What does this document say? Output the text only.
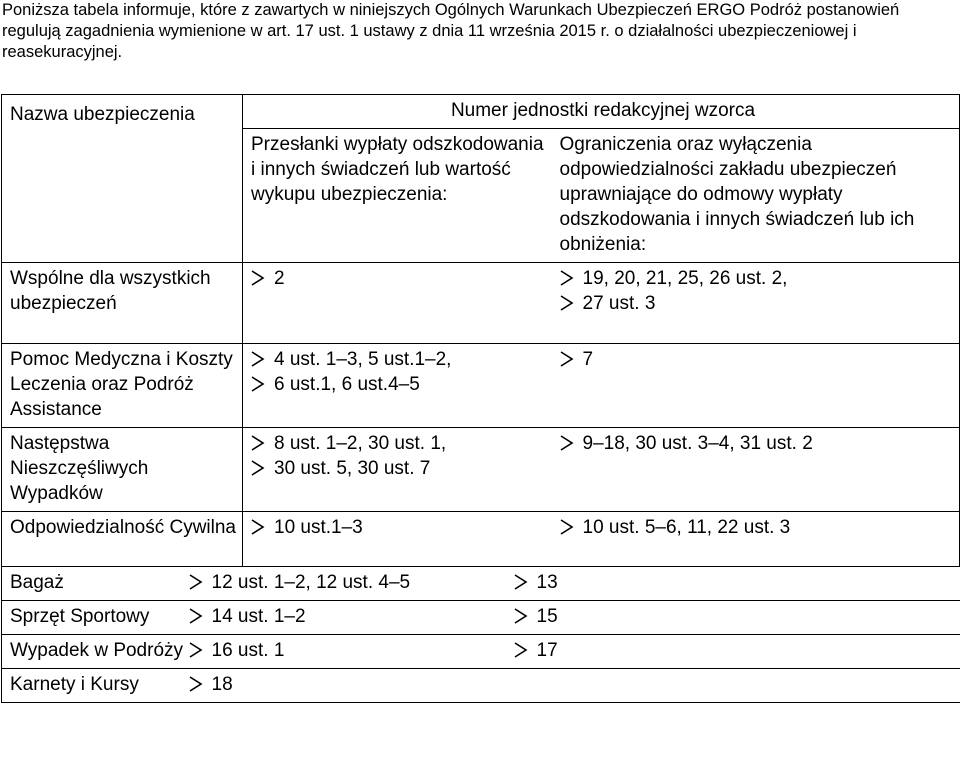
Poniższa tabela informuje, które z zawartych w niniejszych Ogólnych Warunkach Ubezpieczeń ERGO Podróż postanowień regulują zagadnienia wymienione w art. 17 ust. 1 ustawy z dnia 11 września 2015 r. o działalności ubezpieczeniowej i reasekuracyjnej.

Nazwa ubezpieczenia	Numer jednostki redakcyjnej wzorca	

	Przesłanki wypłaty odszkodowania i innych świadczeń lub wartość wykupu ubezpieczenia:	Ograniczenia oraz wyłączenia odpowiedzialności zakładu ubezpieczeń uprawniające do odmowy wypłaty odszkodowania i innych świadczeń lub ich obniżenia:

Wspólne dla wszystkich ubezpieczeń	2	19, 20, 21, 25, 26 ust. 2,
27 ust. 3

Pomoc Medyczna i Koszty Leczenia oraz Podróż Assistance	4 ust. 1–3, 5 ust.1–2,
6 ust.1, 6 ust.4–5	7
Następstwa Nieszczęśliwych Wypadków	8 ust. 1–2, 30 ust. 1,
30 ust. 5, 30 ust. 7	9–18, 30 ust. 3–4, 31 ust. 2
Odpowiedzialność Cywilna	10 ust.1–3	10 ust. 5–6, 11, 22 ust. 3
Bagaż	12 ust. 1–2, 12 ust. 4–5	13
Sprzęt Sportowy	14 ust. 1–2	15
Wypadek w Podróży	16 ust. 1	17
Karnety i Kursy	18	
